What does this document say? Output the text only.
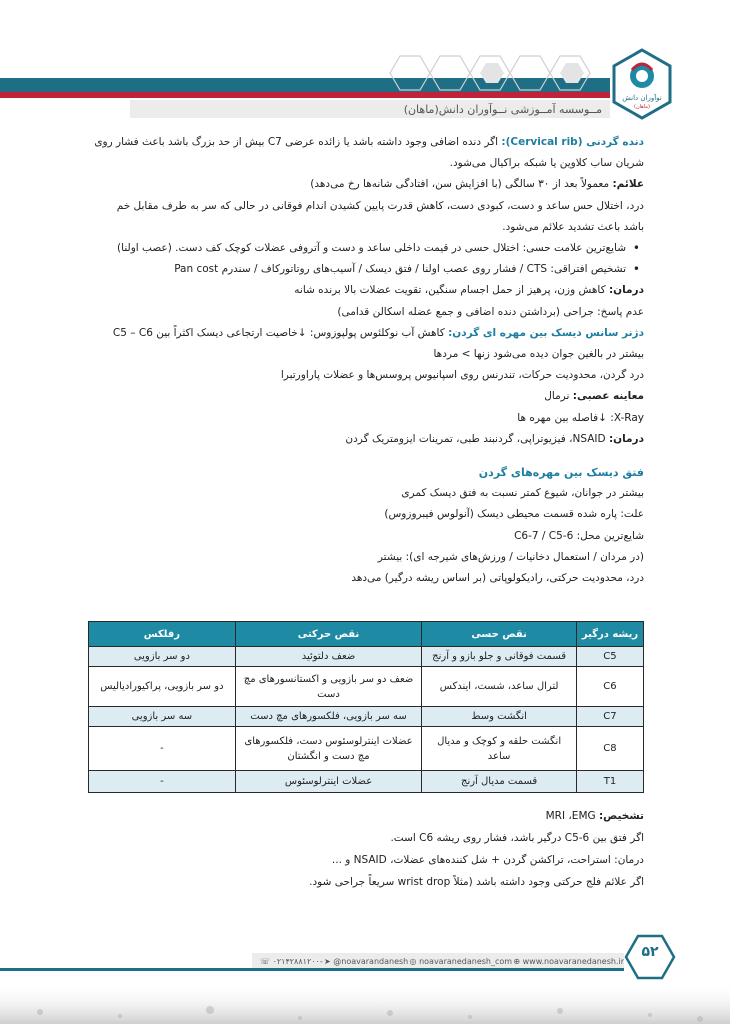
مــوسسه آمــوزشی نــوآوران دانش(ماهان)
نوآوران دانش
(ماهان)

دنده گردنی (Cervical rib): اگر دنده اضافی وجود داشته باشد یا زائده عرضی C7 بیش از حد بزرگ باشد باعث فشار روی

شریان ساب کلاوین یا شبکه براکیال می‌شود.

علائم: معمولاً بعد از ۳۰ سالگی (با افزایش سن، افتادگی شانه‌ها رخ می‌دهد)

درد، اختلال حس ساعد و دست، کبودی دست، کاهش قدرت پایین کشیدن اندام فوقانی در حالی که سر به طرف مقابل خم

باشد باعث تشدید علائم می‌شود.

• شایع‌ترین علامت حسی: اختلال حسی در قیمت داخلی ساعد و دست و آتروفی عضلات کوچک کف دست. (عصب اولنا)
• تشخیص افتراقی: CTS / فشار روی عصب اولنا / فتق دیسک / آسیب‌های روتاتورکاف / سندرم Pan cost

درمان: کاهش وزن، پرهیز از حمل اجسام سنگین، تقویت عضلات بالا برنده شانه

عدم پاسخ: جراحی (برداشتن دنده اضافی و جمع عضله اسکالن قدامی)

دژنر سانس دیسک بین مهره ای گردن: کاهش آب نوکلئوس پولپوزوس: ↓خاصیت ارتجاعی دیسک اکثراً بین C5 – C6

بیشتر در بالغین جوان دیده می‌شود زنها > مردها

درد گردن، محدودیت حرکات، تندرنس روی اسپانیوس پروسس‌ها و عضلات پاراورتبرا

معاینه عصبی: نرمال

X-Ray: ↓فاصله بین مهره ها

درمان: NSAID، فیزیوتراپی، گردنبند طبی، تمرینات ایزومتریک گردن

فتق دیسک بین مهره‌های گردن

بیشتر در جوانان، شیوع کمتر نسبت به فتق دیسک کمری

علت: پاره شده قسمت محیطی دیسک (آنولوس فیبروزوس)

شایع‌ترین محل: C6-7 / C5-6

(در مردان / استعمال دخانیات / ورزش‌های شیرجه ای): بیشتر

درد، محدودیت حرکتی، رادیکولوپاتی (بر اساس ریشه درگیر) می‌دهد

ریشه درگیر	نقص حسی	نقص حرکتی	رفلکس
C5	قسمت فوقانی و جلو بازو و آرنج	ضعف دلتوئید	دو سر بازویی
C6	لترال ساعد، شست، ایندکس	ضعف دو سر بازویی و اکستانسورهای مچ دست	دو سر بازویی، پراکیورادیالیس
C7	انگشت وسط	سه سر بازویی، فلکسورهای مچ دست	سه سر بازویی
C8	انگشت حلقه و کوچک و مدیال ساعد	عضلات اینترلوسئوس دست، فلکسورهای مچ دست و انگشتان	-
T1	قسمت مدیال آرنج	عضلات اینترلوسئوس	-

تشخیص: MRI ،EMG

اگر فتق بین C5-6 درگیر باشد، فشار روی ریشه C6 است.

درمان: استراحت، تراکشن گردن + شل کننده‌های عضلات، NSAID و ...

اگر علائم فلج حرکتی وجود داشته باشد (مثلاً wrist drop سریعاً جراحی شود.

☏ ۰۲۱۴۲۸۸۱۲۰۰- ➤ @noavarandanesh ◎ noavaranedanesh_com ⊕ www.noavaranedanesh.ir
۵۲
